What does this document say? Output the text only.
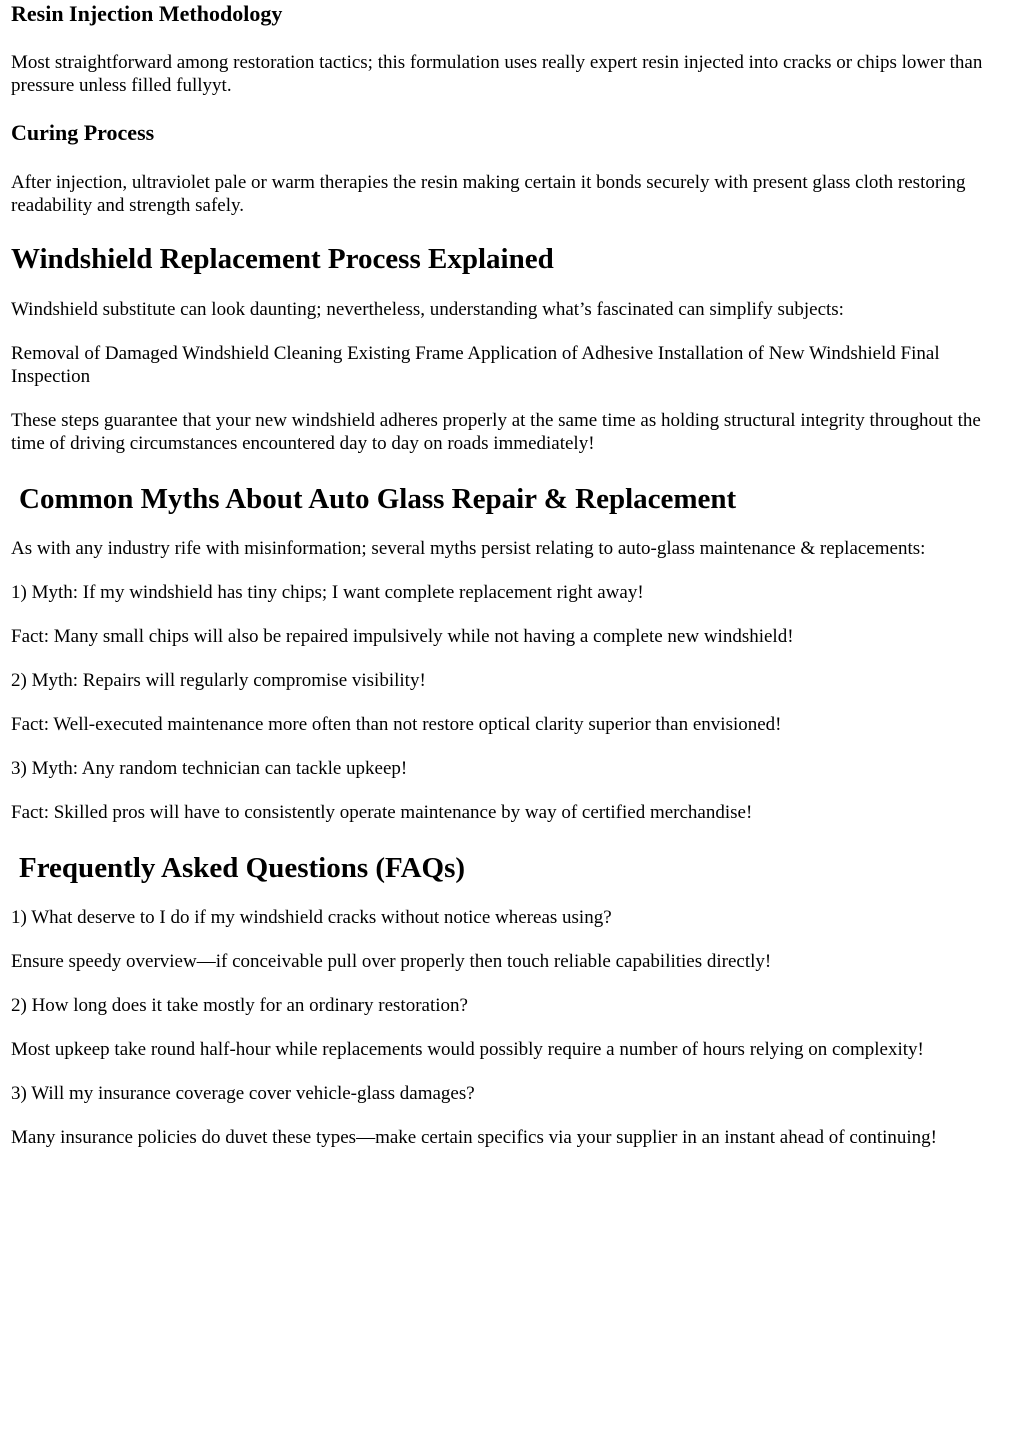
Resin Injection Methodology

Most straightforward among restoration tactics; this formulation uses really expert resin injected into cracks or chips lower than pressure unless filled fullyyt.

Curing Process

After injection, ultraviolet pale or warm therapies the resin making certain it bonds securely with present glass cloth restoring readability and strength safely.

Windshield Replacement Process Explained

Windshield substitute can look daunting; nevertheless, understanding what’s fascinated can simplify subjects:

Removal of Damaged Windshield Cleaning Existing Frame Application of Adhesive Installation of New Windshield Final Inspection

These steps guarantee that your new windshield adheres properly at the same time as holding structural integrity throughout the time of driving circumstances encountered day to day on roads immediately!

Common Myths About Auto Glass Repair & Replacement

As with any industry rife with misinformation; several myths persist relating to auto-glass maintenance & replacements:

1) Myth: If my windshield has tiny chips; I want complete replacement right away!

Fact: Many small chips will also be repaired impulsively while not having a complete new windshield!

2) Myth: Repairs will regularly compromise visibility!

Fact: Well-executed maintenance more often than not restore optical clarity superior than envisioned!

3) Myth: Any random technician can tackle upkeep!

Fact: Skilled pros will have to consistently operate maintenance by way of certified merchandise!

Frequently Asked Questions (FAQs)

1) What deserve to I do if my windshield cracks without notice whereas using?

Ensure speedy overview—if conceivable pull over properly then touch reliable capabilities directly!

2) How long does it take mostly for an ordinary restoration?

Most upkeep take round half-hour while replacements would possibly require a number of hours relying on complexity!

3) Will my insurance coverage cover vehicle-glass damages?

Many insurance policies do duvet these types—make certain specifics via your supplier in an instant ahead of continuing!
